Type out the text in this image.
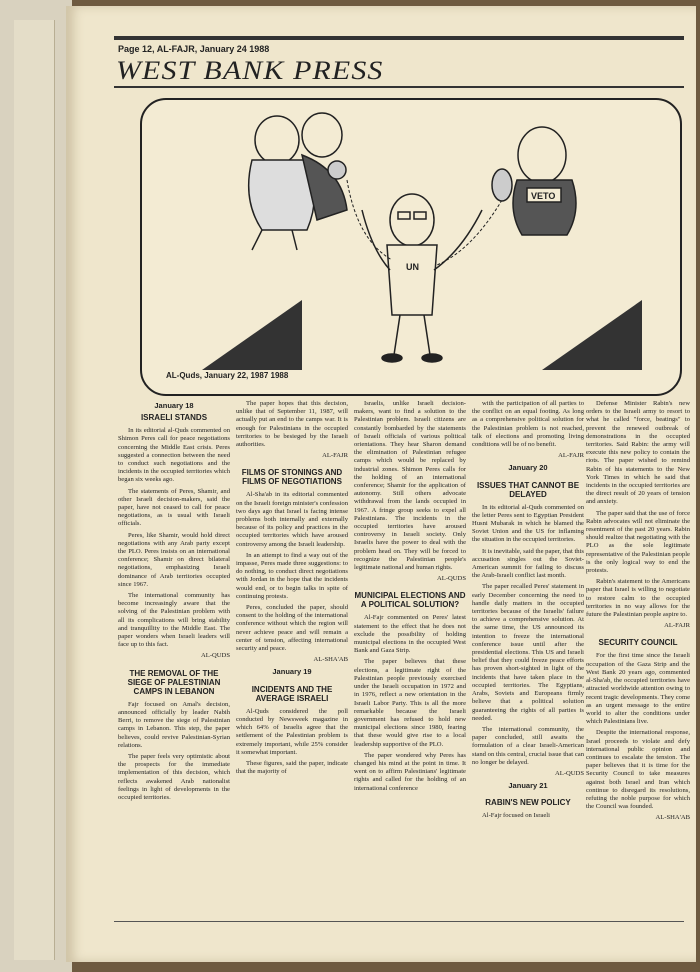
Page 12, AL-FAJR, January 24 1988
WEST BANK PRESS
UN
VETO
AL-Quds, January 22, 1987 1988
January 18
ISRAELI STANDS

In its editorial al-Quds commented on Shimon Peres call for peace negotiations concerning the Middle East crisis. Peres suggested a connection between the need to conduct such negotiations and the incidents in the occupied territories which began six weeks ago.

The statements of Peres, Shamir, and other Israeli decision-makers, said the paper, have not ceased to call for peace negotiations, as is usual with Israeli officials.

Peres, like Shamir, would hold direct negotiations with any Arab party except the PLO. Peres insists on an international conference; Shamir on direct bilateral negotiations, emphasizing Israeli dominance of Arab territories occupied since 1967.

The international community has become increasingly aware that the solving of the Palestinian problem with all its complications will bring stability and tranquillity to the Middle East. The paper wonders when Israeli leaders will face up to this fact.

AL-QUDS
THE REMOVAL OF THE SIEGE OF PALESTINIAN CAMPS IN LEBANON

Fajr focused on Amal's decision, announced officially by leader Nabih Berri, to remove the siege of Palestinian camps in Lebanon. This step, the paper believes, could revive Palestinian-Syrian relations.

The paper feels very optimistic about the prospects for the immediate implementation of this decision, which reflects awakened Arab nationalist feelings in light of developments in the occupied territories.

The paper hopes that this decision, unlike that of September 11, 1987, will actually put an end to the camps war. It is enough for Palestinians in the occupied territories to be besieged by the Israeli authorities.

AL-FAJR
FILMS OF STONINGS AND FILMS OF NEGOTIATIONS

Al-Sha'ab in its editorial commented on the Israeli foreign minister's confession two days ago that Israel is facing intense problems both internally and externally because of its policy and practices in the occupied territories which have aroused controversy among the Israeli leadership.

In an attempt to find a way out of the impasse, Peres made three suggestions: to do nothing, to conduct direct negotiations with Jordan in the hope that the incidents would end, or to begin talks in spite of continuing protests.

Peres, concluded the paper, should consent to the holding of the international conference without which the region will never achieve peace and will remain a center of tension, affecting international security and peace.

AL-SHA'AB
January 19
INCIDENTS AND THE AVERAGE ISRAELI

Al-Quds considered the poll conducted by Newsweek magazine in which 64% of Israelis agree that the settlement of the Palestinian problem is extremely important, while 25% consider it somewhat important.

These figures, said the paper, indicate that the majority of

Israelis, unlike Israeli decision-makers, want to find a solution to the Palestinian problem. Israeli citizens are constantly bombarded by the statements of Israeli officials of various political orientations. They hear Sharon demand the elimination of Palestinian refugee camps which would be replaced by industrial zones. Shimon Peres calls for the holding of an international conference; Shamir for the application of autonomy. Still others advocate withdrawal from the lands occupied in 1967. A fringe group seeks to expel all Palestinians. The incidents in the occupied territories have aroused controversy in Israeli society. Only Israelis have the power to deal with the problem head on. They will be forced to recognize the Palestinian people's legitimate national and human rights.

AL-QUDS
MUNICIPAL ELECTIONS AND A POLITICAL SOLUTION?

Al-Fajr commented on Peres' latest statement to the effect that he does not exclude the possibility of holding municipal elections in the occupied West Bank and Gaza Strip.

The paper believes that these elections, a legitimate right of the Palestinian people previously exercised under the Israeli occupation in 1972 and in 1976, reflect a new orientation in the Israeli Labor Party. This is all the more remarkable because the Israeli government has refused to hold new municipal elections since 1980, fearing that these would give rise to a local leadership supportive of the PLO.

The paper wondered why Peres has changed his mind at the point in time. It went on to affirm Palestinians' legitimate rights and called for the holding of an international conference

with the participation of all parties to the conflict on an equal footing. As long as a comprehensive political solution for the Palestinian problem is not reached, talk of elections and promoting living conditions will be of no benefit.

AL-FAJR
January 20
ISSUES THAT CANNOT BE DELAYED

In its editorial al-Quds commented on the letter Peres sent to Egyptian President Husni Mubarak in which he blamed the Soviet Union and the US for inflaming the situation in the occupied territories.

It is inevitable, said the paper, that this accusation singles out the Soviet-American summit for failing to discuss the Arab-Israeli conflict last month.

The paper recalled Peres' statement in early December concerning the need to handle daily matters in the occupied territories because of the Israelis' failure to achieve a comprehensive solution. At the same time, the US announced its intention to freeze the international conference issue until after the presidential elections. This US and Israeli belief that they could freeze peace efforts has proven short-sighted in light of the incidents that have taken place in the occupied territories. The Egyptians, Arabs, Soviets and Europeans firmly believe that a political solution guaranteeing the rights of all parties is needed.

The international community, the paper concluded, still awaits the formulation of a clear Israeli-American stand on this central, crucial issue that can no longer be delayed.

AL-QUDS
January 21
RABIN'S NEW POLICY

Al-Fajr focused on Israeli

Defense Minister Rabin's new orders to the Israeli army to resort to what he called "force, beatings" to prevent the renewed outbreak of demonstrations in the occupied territories. Said Rabin: the army will execute this new policy to contain the riots. The paper wished to remind Rabin of his statements to the New York Times in which he said that incidents in the occupied territories are the direct result of 20 years of tension and anxiety.

The paper said that the use of force Rabin advocates will not eliminate the resentment of the past 20 years. Rabin should realize that negotiating with the PLO as the sole legitimate representative of the Palestinian people is the only logical way to end the protests.

Rabin's statement to the Americans paper that Israel is willing to negotiate to restore calm to the occupied territories in no way allows for the future the Palestinian people aspire to.

AL-FAJR
SECURITY COUNCIL

For the first time since the Israeli occupation of the Gaza Strip and the West Bank 20 years ago, commented al-Sha'ab, the occupied territories have attracted worldwide attention owing to recent tragic developments. They come as an urgent message to the entire world to alter the conditions under which Palestinians live.

Despite the international response, Israel proceeds to violate and defy international public opinion and continues to escalate the tension. The paper believes that it is time for the Security Council to take measures against both Israel and Iran which continue to disregard its resolutions, refuting the noble purpose for which the Council was founded.

AL-SHA'AB
